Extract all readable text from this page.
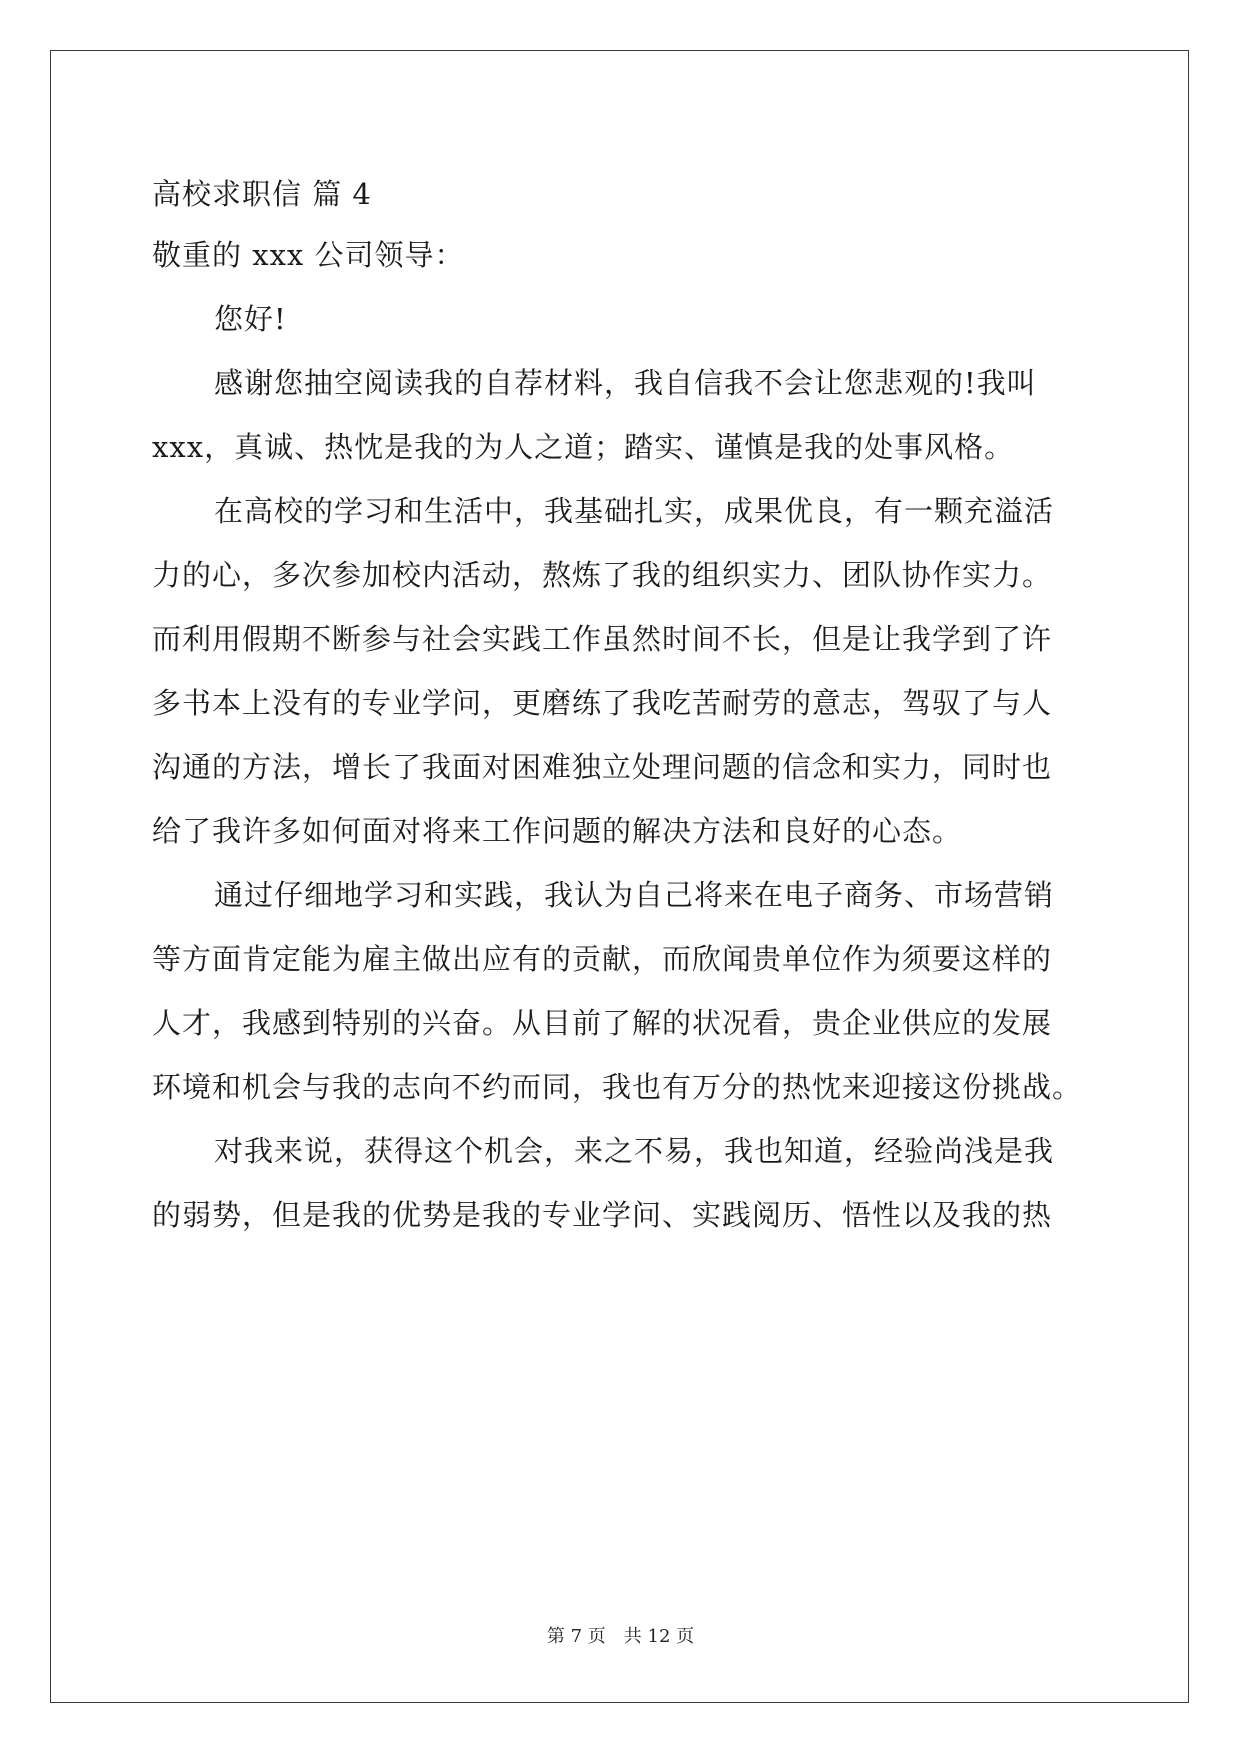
高校求职信 篇 4
敬重的 xxx 公司领导：
您好!
感谢您抽空阅读我的自荐材料，我自信我不会让您悲观的!我叫
xxx，真诚、热忱是我的为人之道；踏实、谨慎是我的处事风格。
在高校的学习和生活中，我基础扎实，成果优良，有一颗充溢活
力的心，多次参加校内活动，熬炼了我的组织实力、团队协作实力。
而利用假期不断参与社会实践工作虽然时间不长，但是让我学到了许
多书本上没有的专业学问，更磨练了我吃苦耐劳的意志，驾驭了与人
沟通的方法，增长了我面对困难独立处理问题的信念和实力，同时也
给了我许多如何面对将来工作问题的解决方法和良好的心态。
通过仔细地学习和实践，我认为自己将来在电子商务、市场营销
等方面肯定能为雇主做出应有的贡献，而欣闻贵单位作为须要这样的
人才，我感到特别的兴奋。从目前了解的状况看，贵企业供应的发展
环境和机会与我的志向不约而同，我也有万分的热忱来迎接这份挑战。
对我来说，获得这个机会，来之不易，我也知道，经验尚浅是我
的弱势，但是我的优势是我的专业学问、实践阅历、悟性以及我的热
第 7 页 共 12 页
